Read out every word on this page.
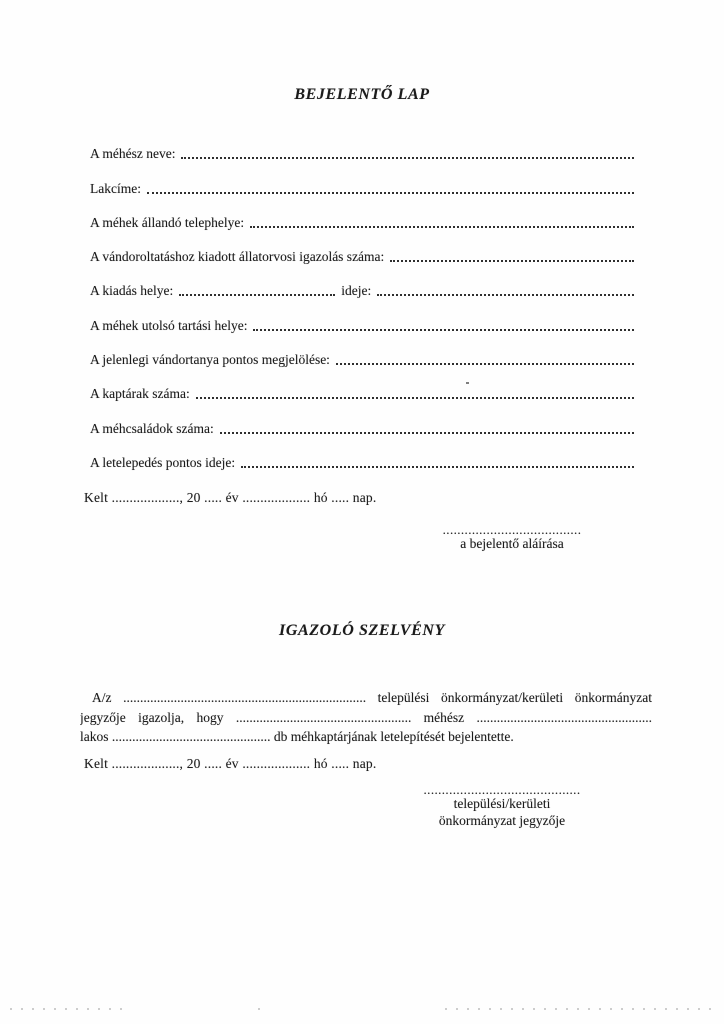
BEJELENTŐ LAP
A méhész neve:
Lakcíme:
A méhek állandó telephelye:
A vándoroltatáshoz kiadott állatorvosi igazolás száma:
A kiadás helye:	ideje:
A méhek utolsó tartási helye:
A jelenlegi vándortanya pontos megjelölése:
A kaptárak száma:
A méhcsaládok száma:
A letelepedés pontos ideje:
Kelt ..................., 20 ..... év ................... hó ..... nap.
......................................
a bejelentő aláírása
IGAZOLÓ SZELVÉNY
A/z ........................................................................ települési önkormányzat/kerületi önkormányzat
jegyzője igazolja, hogy .................................................... méhész ....................................................
lakos ............................................... db méhkaptárjának letelepítését bejelentette.
Kelt ..................., 20 ..... év ................... hó ..... nap.
...........................................
települési/kerületi
önkormányzat jegyzője
